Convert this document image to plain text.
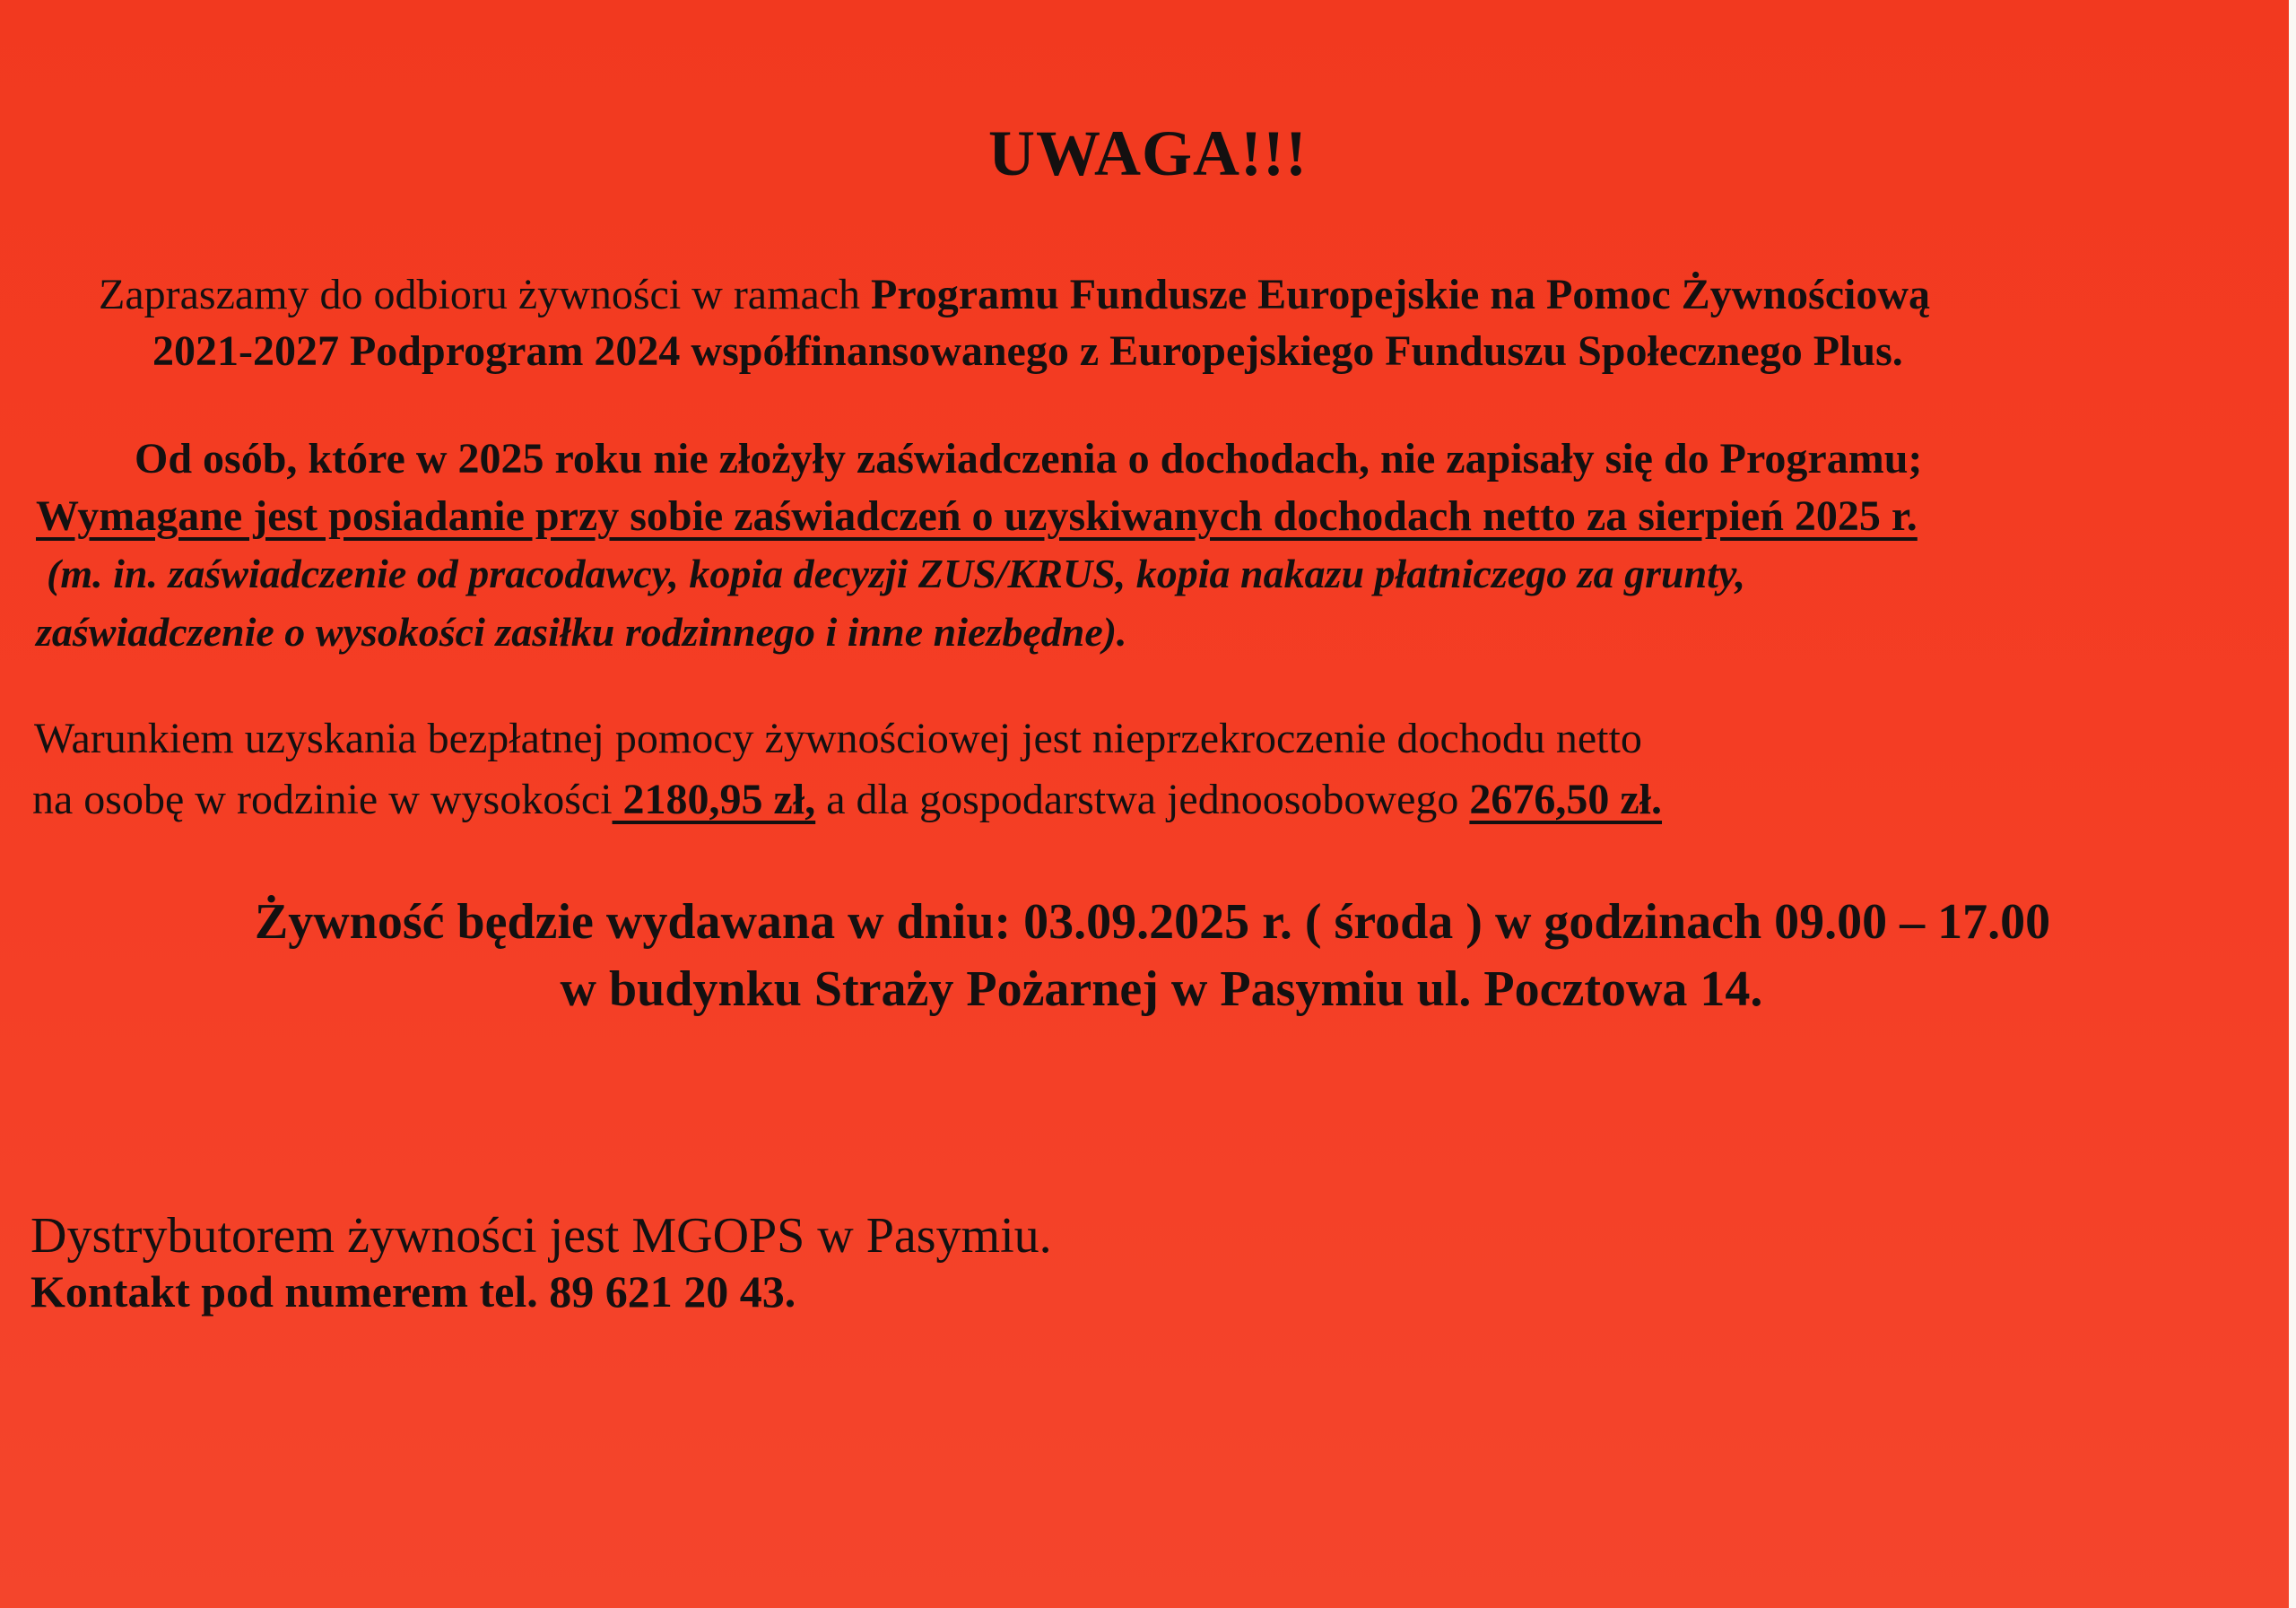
UWAGA!!!
Zapraszamy do odbioru żywności w ramach Programu Fundusze Europejskie na Pomoc Żywnościową
2021-2027 Podprogram 2024 współfinansowanego z Europejskiego Funduszu Społecznego Plus.
Od osób, które w 2025 roku nie złożyły zaświadczenia o dochodach, nie zapisały się do Programu;
Wymagane jest posiadanie przy sobie zaświadczeń o uzyskiwanych dochodach netto za sierpień 2025 r.
(m. in. zaświadczenie od pracodawcy, kopia decyzji ZUS/KRUS, kopia nakazu płatniczego za grunty,
zaświadczenie o wysokości zasiłku rodzinnego i inne niezbędne).
Warunkiem uzyskania bezpłatnej pomocy żywnościowej jest nieprzekroczenie dochodu netto
na osobę w rodzinie w wysokości 2180,95 zł, a dla gospodarstwa jednoosobowego 2676,50 zł.
Żywność będzie wydawana w dniu: 03.09.2025 r. ( środa ) w godzinach 09.00 – 17.00
w budynku Straży Pożarnej w Pasymiu ul. Pocztowa 14.
Dystrybutorem żywności jest MGOPS w Pasymiu.
Kontakt pod numerem tel. 89 621 20 43.
